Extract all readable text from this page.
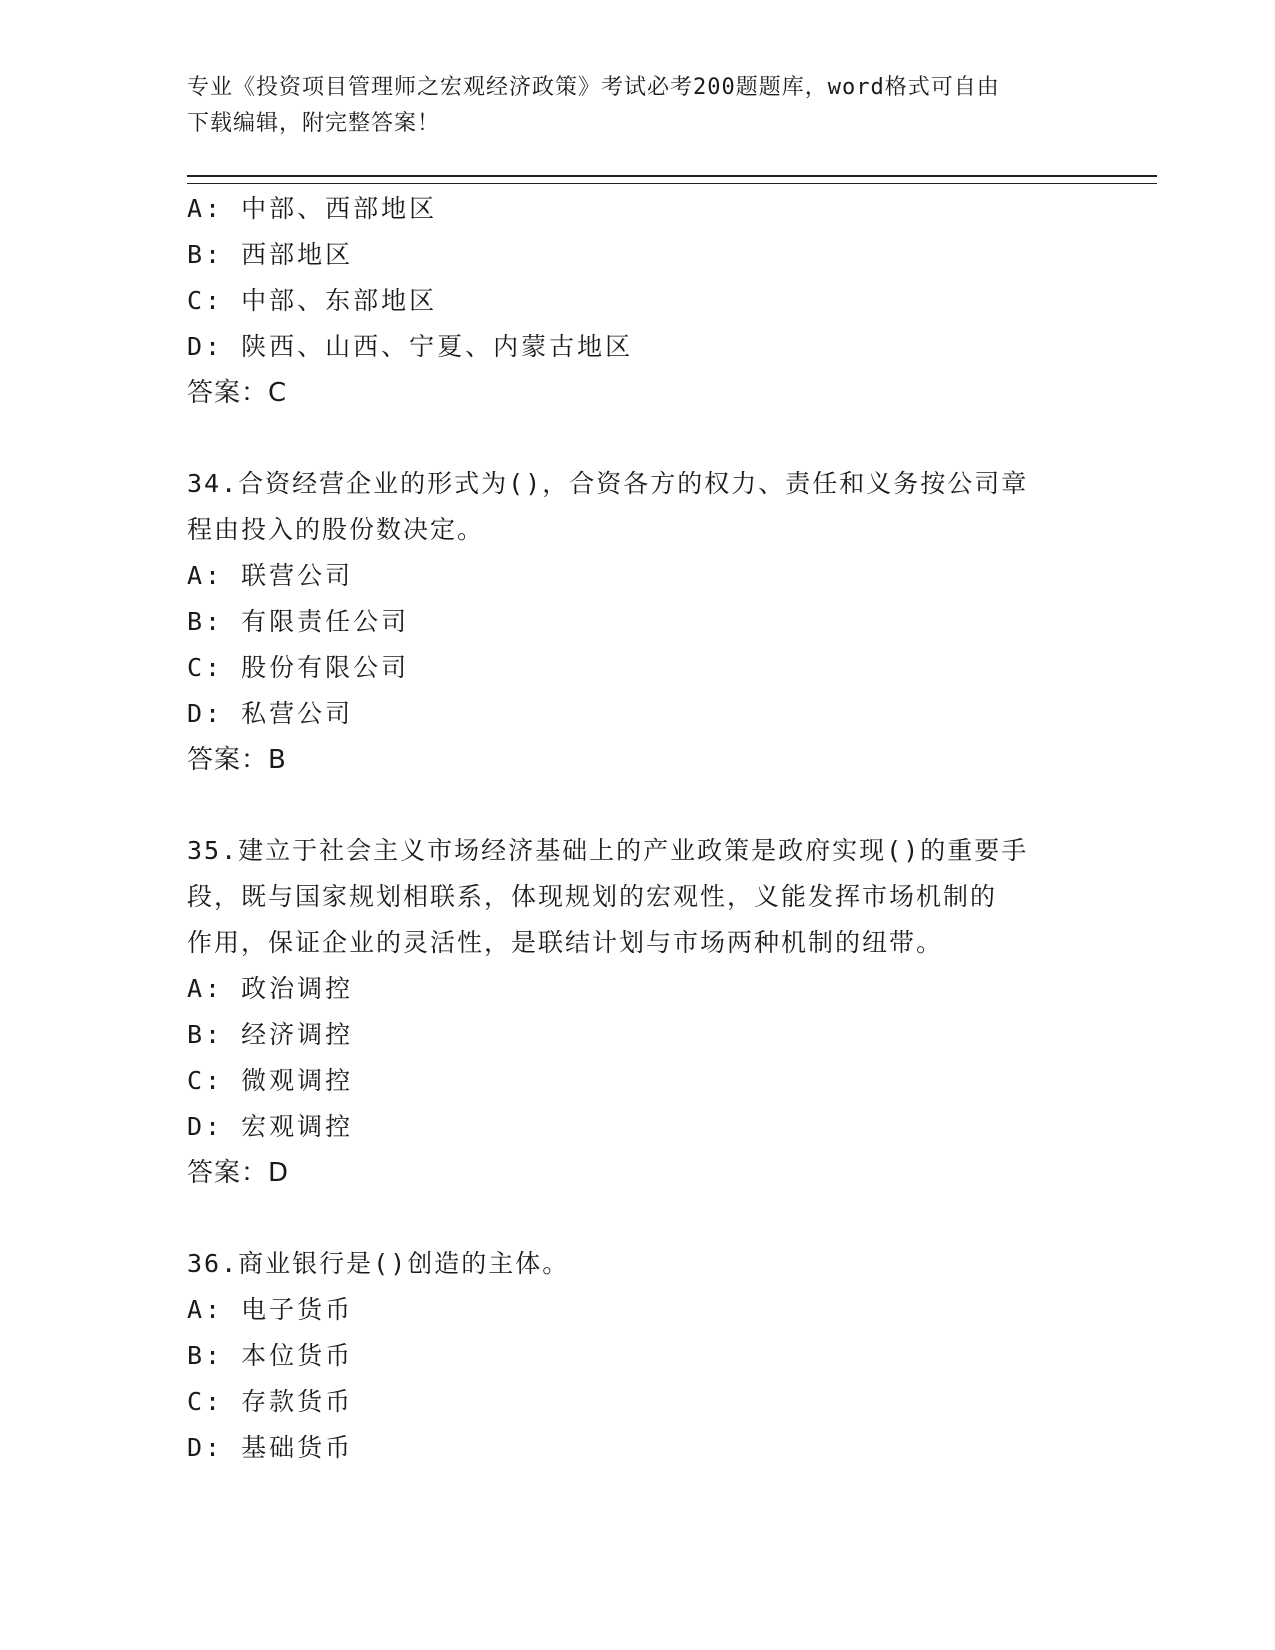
专业《投资项目管理师之宏观经济政策》考试必考200题题库，word格式可自由
下载编辑，附完整答案！
A: 中部、西部地区
B: 西部地区
C: 中部、东部地区
D: 陕西、山西、宁夏、内蒙古地区
答案：C
34.合资经营企业的形式为()，合资各方的权力、责任和义务按公司章
程由投入的股份数决定。
A: 联营公司
B: 有限责任公司
C: 股份有限公司
D: 私营公司
答案：B
35.建立于社会主义市场经济基础上的产业政策是政府实现()的重要手
段，既与国家规划相联系，体现规划的宏观性，义能发挥市场机制的
作用，保证企业的灵活性，是联结计划与市场两种机制的纽带。
A: 政治调控
B: 经济调控
C: 微观调控
D: 宏观调控
答案：D
36.商业银行是()创造的主体。
A: 电子货币
B: 本位货币
C: 存款货币
D: 基础货币
